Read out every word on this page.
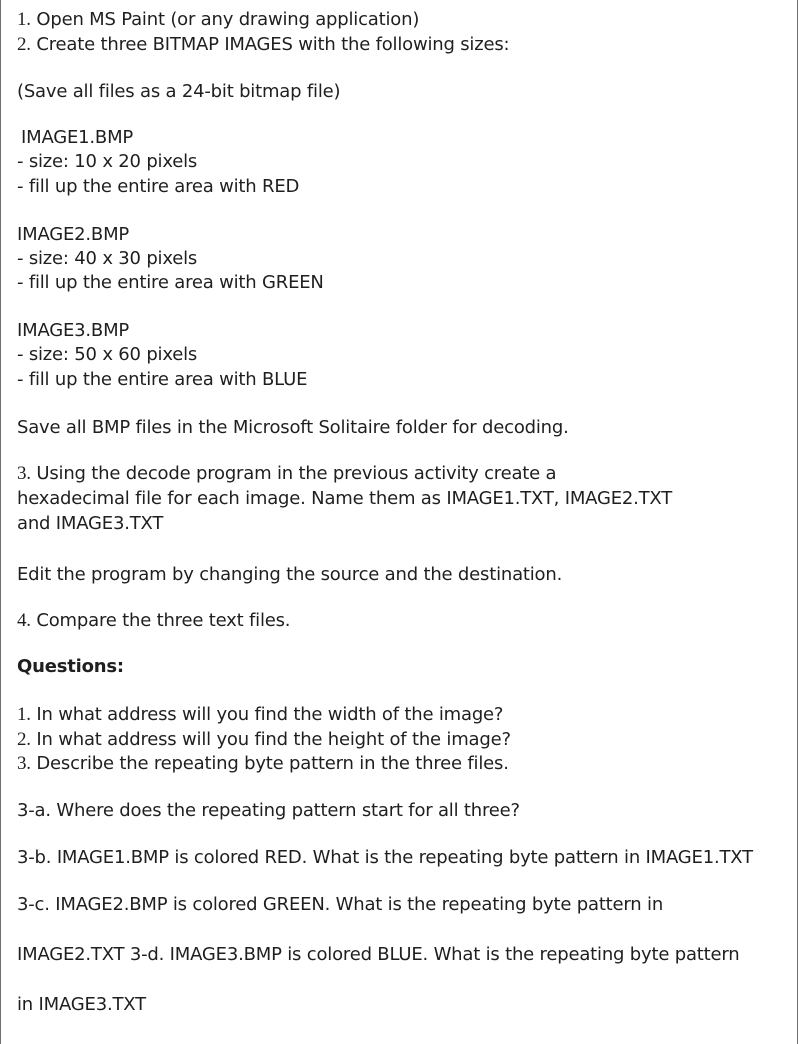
1. Open MS Paint (or any drawing application)
2. Create three BITMAP IMAGES with the following sizes:
(Save all files as a 24-bit bitmap file)
IMAGE1.BMP
- size: 10 x 20 pixels
- fill up the entire area with RED
IMAGE2.BMP
- size: 40 x 30 pixels
- fill up the entire area with GREEN
IMAGE3.BMP
- size: 50 x 60 pixels
- fill up the entire area with BLUE
Save all BMP files in the Microsoft Solitaire folder for decoding.
3. Using the decode program in the previous activity create a
hexadecimal file for each image. Name them as IMAGE1.TXT, IMAGE2.TXT
and IMAGE3.TXT
Edit the program by changing the source and the destination.
4. Compare the three text files.
Questions:
1. In what address will you find the width of the image?
2. In what address will you find the height of the image?
3. Describe the repeating byte pattern in the three files.
3-a. Where does the repeating pattern start for all three?
3-b. IMAGE1.BMP is colored RED. What is the repeating byte pattern in IMAGE1.TXT
3-c. IMAGE2.BMP is colored GREEN. What is the repeating byte pattern in
IMAGE2.TXT 3-d. IMAGE3.BMP is colored BLUE. What is the repeating byte pattern
in IMAGE3.TXT
